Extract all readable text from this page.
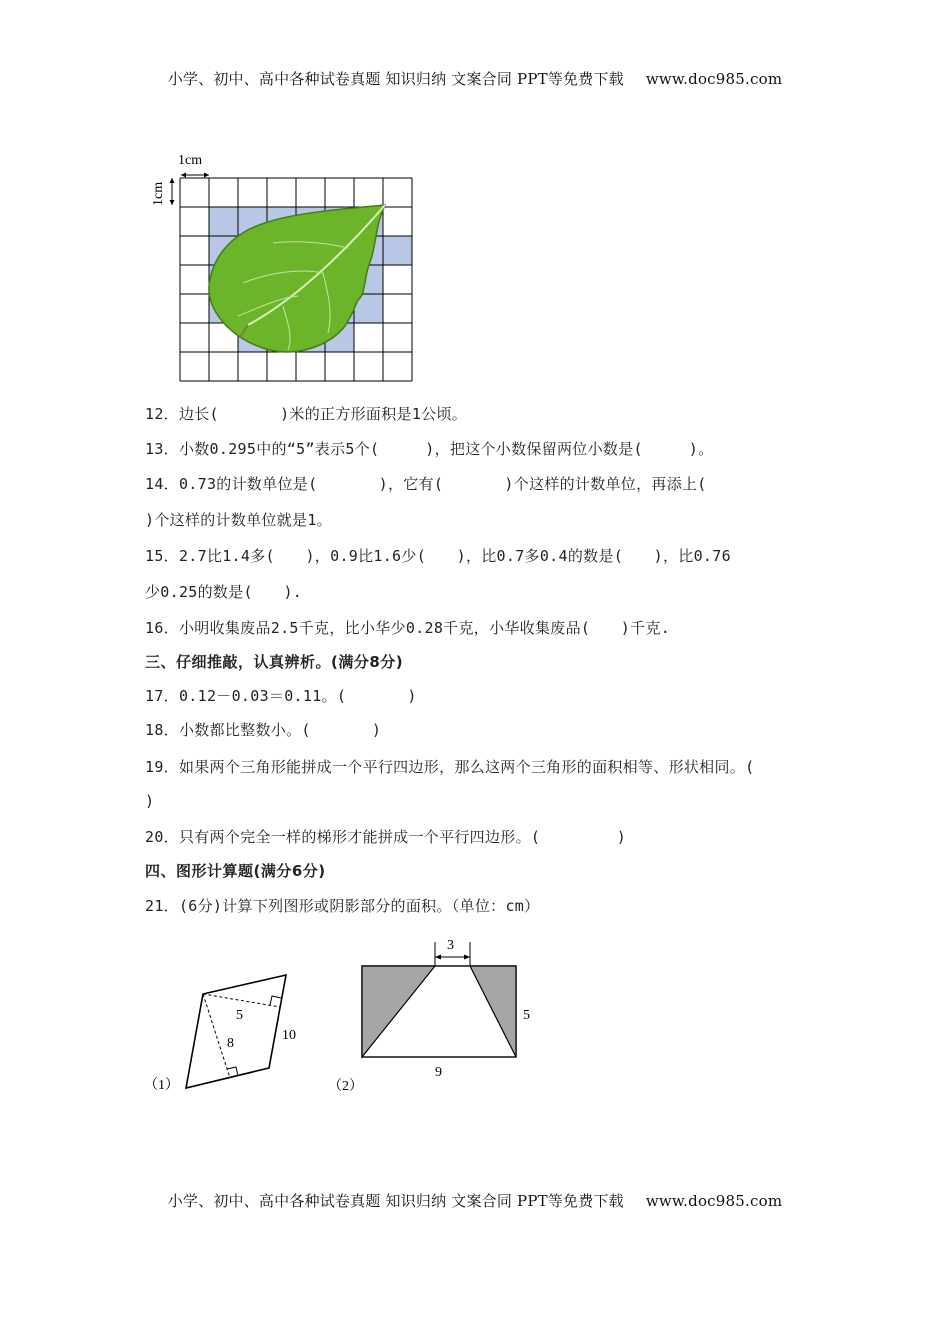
小学、初中、高中各种试卷真题 知识归纳 文案合同 PPT等免费下载 www.doc985.com
1cm
1cm
12．边长(　　　　)米的正方形面积是1公顷。
13．小数0.295中的“5”表示5个(　　　)，把这个小数保留两位小数是(　　　)。
14．0.73的计数单位是(　　　　)，它有(　　　　)个这样的计数单位，再添上(
)个这样的计数单位就是1。
15．2.7比1.4多(　　)，0.9比1.6少(　　)，比0.7多0.4的数是(　　)，比0.76
少0.25的数是(　　).
16．小明收集废品2.5千克，比小华少0.28千克，小华收集废品(　　)千克.
三、仔细推敲，认真辨析。(满分8分)
17．0.12－0.03＝0.11。(　　　　)
18．小数都比整数小。(　　　　)
19．如果两个三角形能拼成一个平行四边形，那么这两个三角形的面积相等、形状相同。(
)
20．只有两个完全一样的梯形才能拼成一个平行四边形。(　　　　　)
四、图形计算题(满分6分)
21．(6分)计算下列图形或阴影部分的面积。（单位：cm）
（1）
5
10
8
（2）
3
5
9
小学、初中、高中各种试卷真题 知识归纳 文案合同 PPT等免费下载 www.doc985.com
